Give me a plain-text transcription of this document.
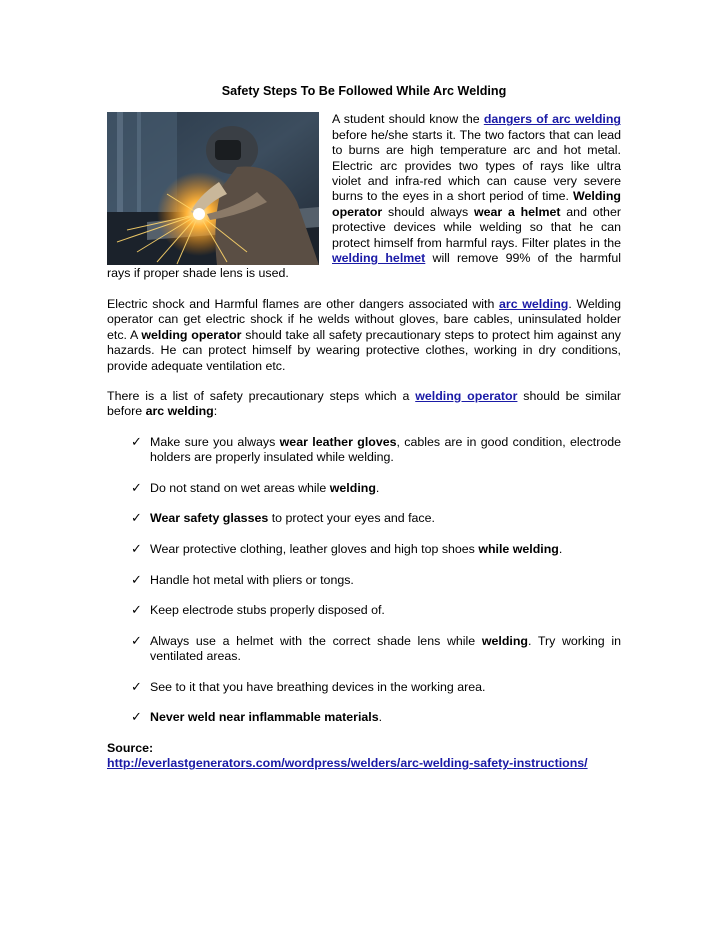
Safety Steps To Be Followed While Arc Welding

A student should know the dangers of arc welding before he/she starts it. The two factors that can lead to burns are high temperature arc and hot metal. Electric arc provides two types of rays like ultra violet and infra-red which can cause very severe burns to the eyes in a short period of time. Welding operator should always wear a helmet and other protective devices while welding so that he can protect himself from harmful rays. Filter plates in the welding helmet will remove 99% of the harmful rays if proper shade lens is used.

Electric shock and Harmful flames are other dangers associated with arc welding. Welding operator can get electric shock if he welds without gloves, bare cables, uninsulated holder etc. A welding operator should take all safety precautionary steps to protect him against any hazards. He can protect himself by wearing protective clothes, working in dry conditions, provide adequate ventilation etc.

There is a list of safety precautionary steps which a welding operator should be similar before arc welding:

✓ Make sure you always wear leather gloves, cables are in good condition, electrode holders are properly insulated while welding.
✓ Do not stand on wet areas while welding.
✓ Wear safety glasses to protect your eyes and face.
✓ Wear protective clothing, leather gloves and high top shoes while welding.
✓ Handle hot metal with pliers or tongs.
✓ Keep electrode stubs properly disposed of.
✓ Always use a helmet with the correct shade lens while welding. Try working in ventilated areas.
✓ See to it that you have breathing devices in the working area.
✓ Never weld near inflammable materials.
Source:
http://everlastgenerators.com/wordpress/welders/arc-welding-safety-instructions/
